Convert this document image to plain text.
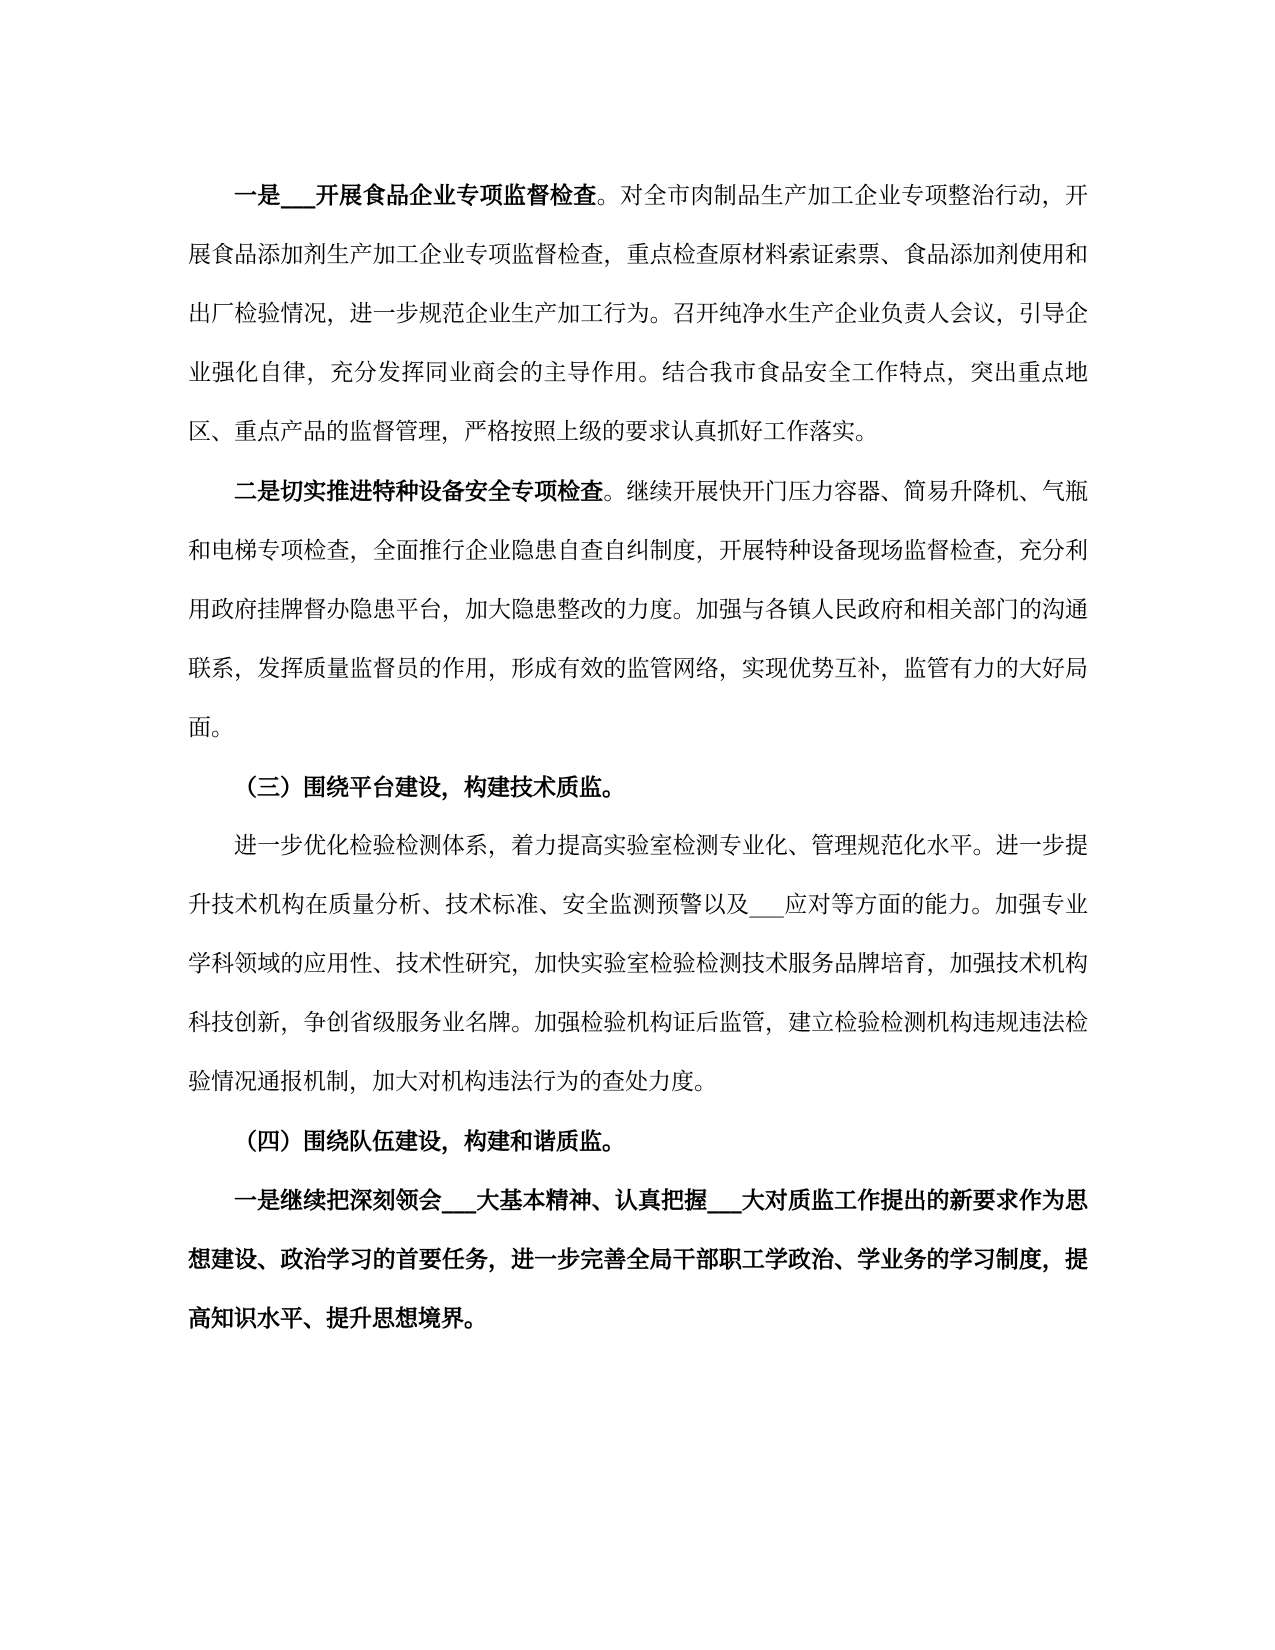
一是___开展食品企业专项监督检查。对全市肉制品生产加工企业专项整治行动，开展食品添加剂生产加工企业专项监督检查，重点检查原材料索证索票、食品添加剂使用和出厂检验情况，进一步规范企业生产加工行为。召开纯净水生产企业负责人会议，引导企业强化自律，充分发挥同业商会的主导作用。结合我市食品安全工作特点，突出重点地区、重点产品的监督管理，严格按照上级的要求认真抓好工作落实。

二是切实推进特种设备安全专项检查。继续开展快开门压力容器、简易升降机、气瓶和电梯专项检查，全面推行企业隐患自查自纠制度，开展特种设备现场监督检查，充分利用政府挂牌督办隐患平台，加大隐患整改的力度。加强与各镇人民政府和相关部门的沟通联系，发挥质量监督员的作用，形成有效的监管网络，实现优势互补，监管有力的大好局面。

（三）围绕平台建设，构建技术质监。

进一步优化检验检测体系，着力提高实验室检测专业化、管理规范化水平。进一步提升技术机构在质量分析、技术标准、安全监测预警以及___应对等方面的能力。加强专业学科领域的应用性、技术性研究，加快实验室检验检测技术服务品牌培育，加强技术机构科技创新，争创省级服务业名牌。加强检验机构证后监管，建立检验检测机构违规违法检验情况通报机制，加大对机构违法行为的查处力度。

（四）围绕队伍建设，构建和谐质监。

一是继续把深刻领会___大基本精神、认真把握___大对质监工作提出的新要求作为思想建设、政治学习的首要任务，进一步完善全局干部职工学政治、学业务的学习制度，提高知识水平、提升思想境界。
